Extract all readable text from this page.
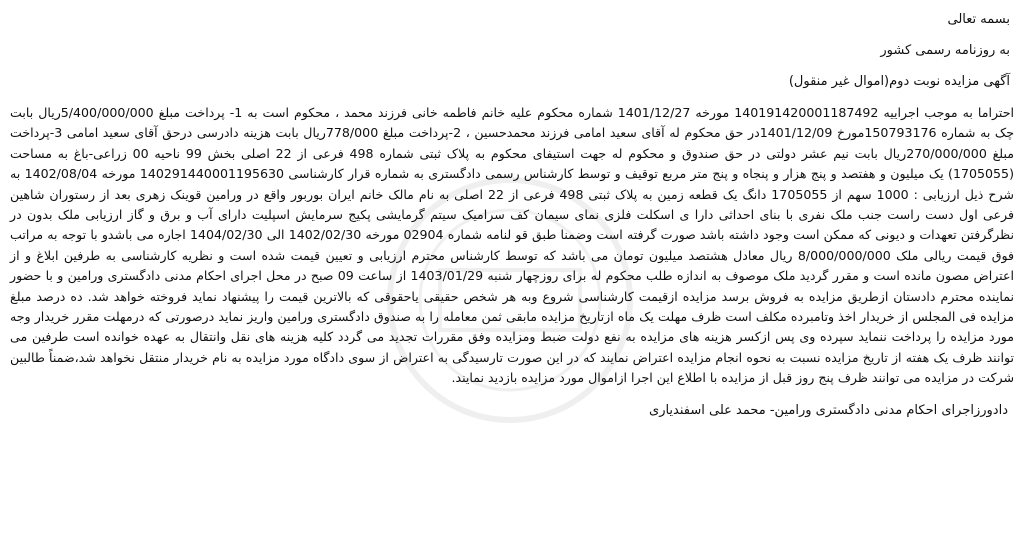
بسمه تعالی

به روزنامه رسمی کشور

آگهی مزایده نوبت دوم(اموال غیر منقول)

احتراما به موجب اجراییه 140191420001187492 مورخه 1401/12/27 شماره محکوم علیه خانم فاطمه خانی فرزند محمد ، محکوم است به 1- پرداخت مبلغ 5/400/000/000ریال بابت چک به شماره 150793176مورخ 1401/12/09در حق محکوم له آقای سعید امامی فرزند محمدحسین ، 2-پرداخت مبلغ 778/000ریال بابت هزینه دادرسی درحق آقای سعید امامی 3-پرداخت مبلغ 270/000/000ریال بابت نیم عشر دولتی در حق صندوق و محکوم له جهت استیفای محکوم به پلاک ثبتی شماره 498 فرعی از 22 اصلی بخش 99 ناحیه 00 زراعی-باغ به مساحت (1705055) یک میلیون و هفتصد و پنج هزار و پنجاه و پنج متر مربع توقیف و توسط کارشناس رسمی دادگستری به شماره قرار کارشناسی 140291440001195630 مورخه 1402/08/04 به شرح ذیل ارزیابی : 1000 سهم از 1705055 دانگ یک قطعه زمین به پلاک ثبتی 498 فرعی از 22 اصلی به نام مالک خانم ایران بوربور واقع در ورامین قوینک زهری بعد از رستوران شاهین فرعی اول دست راست جنب ملک نفری با بنای احداثی دارا ی اسکلت فلزی نمای سیمان کف سرامیک سیتم گرمایشی پکیج سرمایش اسپلیت دارای آب و برق و گاز ارزیابی ملک بدون در نظرگرفتن تعهدات و دیونی که ممکن است وجود داشته باشد صورت گرفته است وضمنا طبق قو لنامه شماره 02904 مورخه 1402/02/30 الی 1404/02/30 اجاره می باشدو با توجه به مراتب فوق قیمت ریالی ملک 8/000/000/000 ریال معادل هشتصد میلیون تومان می باشد که توسط کارشناس محترم ارزیابی و تعیین قیمت شده است و نظریه کارشناسی به طرفین ابلاغ و از اعتراض مصون مانده است و مقرر گردید ملک موصوف به اندازه طلب محکوم له برای روزچهار شنبه 1403/01/29 از ساعت 09 صبح در محل اجرای احکام مدنی دادگستری ورامین و با حضور نماینده محترم دادستان ازطریق مزایده به فروش برسد مزایده ازقیمت کارشناسی شروع وبه هر شخص حقیقی یاحقوقی که بالاترین قیمت را پیشنهاد نماید فروخته خواهد شد. ده درصد مبلغ مزایده فی المجلس از خریدار اخذ وتامبرده مکلف است ظرف مهلت یک ماه ازتاریخ مزایده مابقی ثمن معامله را به صندوق دادگستری ورامین واریز نماید درصورتی که درمهلت مقرر خریدار وجه مورد مزایده را پرداخت ننماید سپرده وی پس ازکسر هزینه های مزایده به نفع دولت ضبط ومزایده وفق مقررات تجدید می گردد کلیه هزینه های نقل وانتقال به عهده خوانده است طرفین می توانند ظرف یک هفته از تاریخ مزایده نسبت به نحوه انجام مزایده اعتراض نمایند که در این صورت تارسیدگی به اعتراض از سوی دادگاه مورد مزایده به نام خریدار منتقل نخواهد شد،ضمناً طالبین شرکت در مزایده می توانند ظرف پنج روز قبل از مزایده با اطلاع این اجرا ازاموال مورد مزایده بازدید نمایند.

دادورزاجرای احکام مدنی دادگستری ورامین- محمد علی اسفندیاری
